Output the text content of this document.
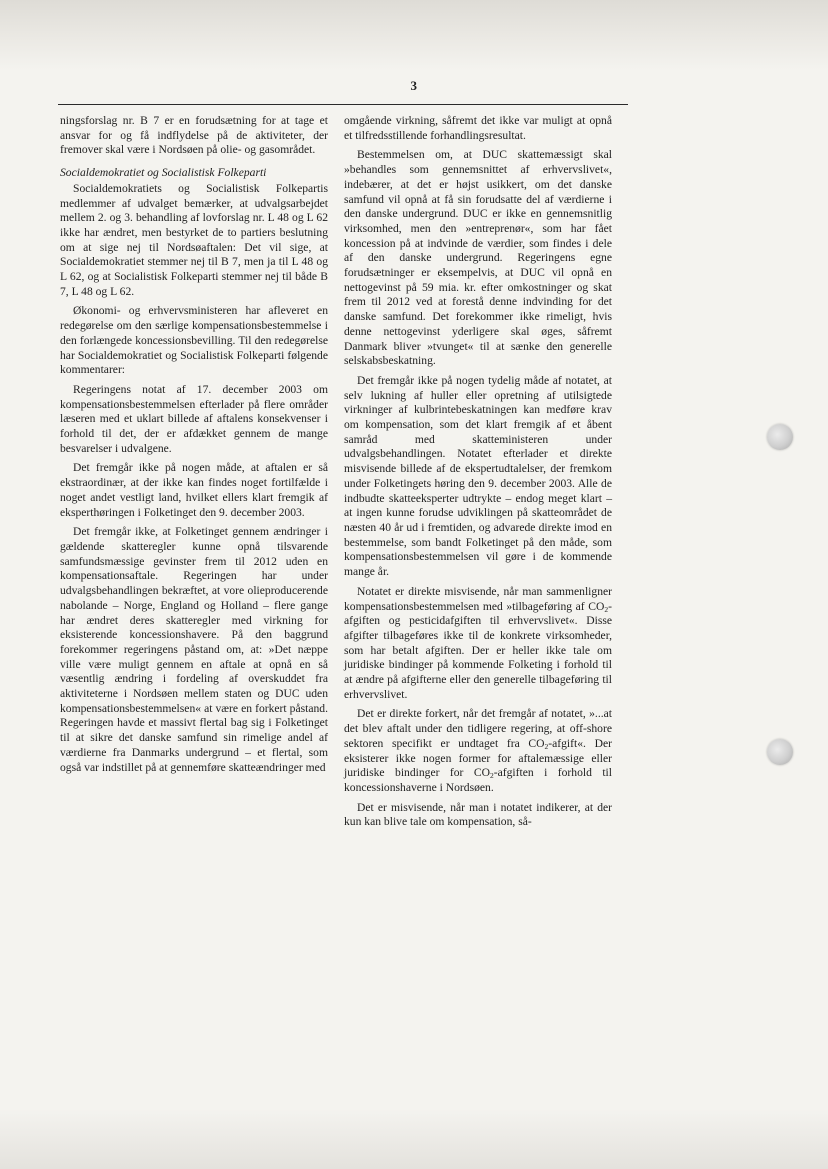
3

ningsforslag nr. B 7 er en forudsætning for at tage et ansvar for og få indflydelse på de aktiviteter, der fremover skal være i Nordsøen på olie- og gasområdet.

Socialdemokratiet og Socialistisk Folkeparti

Socialdemokratiets og Socialistisk Folkepartis medlemmer af udvalget bemærker, at udvalgsarbejdet mellem 2. og 3. behandling af lovforslag nr. L 48 og L 62 ikke har ændret, men bestyrket de to partiers beslutning om at sige nej til Nordsøaftalen: Det vil sige, at Socialdemokratiet stemmer nej til B 7, men ja til L 48 og L 62, og at Socialistisk Folkeparti stemmer nej til både B 7, L 48 og L 62.

Økonomi- og erhvervsministeren har afleveret en redegørelse om den særlige kompensationsbestemmelse i den forlængede koncessionsbevilling. Til den redegørelse har Socialdemokratiet og Socialistisk Folkeparti følgende kommentarer:

Regeringens notat af 17. december 2003 om kompensationsbestemmelsen efterlader på flere områder læseren med et uklart billede af aftalens konsekvenser i forhold til det, der er afdækket gennem de mange besvarelser i udvalgene.

Det fremgår ikke på nogen måde, at aftalen er så ekstraordinær, at der ikke kan findes noget fortilfælde i noget andet vestligt land, hvilket ellers klart fremgik af eksperthøringen i Folketinget den 9. december 2003.

Det fremgår ikke, at Folketinget gennem ændringer i gældende skatteregler kunne opnå tilsvarende samfundsmæssige gevinster frem til 2012 uden en kompensationsaftale. Regeringen har under udvalgsbehandlingen bekræftet, at vore olieproducerende nabolande – Norge, England og Holland – flere gange har ændret deres skatteregler med virkning for eksisterende koncessionshavere. På den baggrund forekommer regeringens påstand om, at: »Det næppe ville være muligt gennem en aftale at opnå en så væsentlig ændring i fordeling af overskuddet fra aktiviteterne i Nordsøen mellem staten og DUC uden kompensationsbestemmelsen« at være en forkert påstand. Regeringen havde et massivt flertal bag sig i Folketinget til at sikre det danske samfund sin rimelige andel af værdierne fra Danmarks undergrund – et flertal, som også var indstillet på at gennemføre skatteændringer med

omgående virkning, såfremt det ikke var muligt at opnå et tilfredsstillende forhandlingsresultat.

Bestemmelsen om, at DUC skattemæssigt skal »behandles som gennemsnittet af erhvervslivet«, indebærer, at det er højst usikkert, om det danske samfund vil opnå at få sin forudsatte del af værdierne i den danske undergrund. DUC er ikke en gennemsnitlig virksomhed, men den »entreprenør«, som har fået koncession på at indvinde de værdier, som findes i dele af den danske undergrund. Regeringens egne forudsætninger er eksempelvis, at DUC vil opnå en nettogevinst på 59 mia. kr. efter omkostninger og skat frem til 2012 ved at forestå denne indvinding for det danske samfund. Det forekommer ikke rimeligt, hvis denne nettogevinst yderligere skal øges, såfremt Danmark bliver »tvunget« til at sænke den generelle selskabsbeskatning.

Det fremgår ikke på nogen tydelig måde af notatet, at selv lukning af huller eller opretning af utilsigtede virkninger af kulbrintebeskatningen kan medføre krav om kompensation, som det klart fremgik af et åbent samråd med skatteministeren under udvalgsbehandlingen. Notatet efterlader et direkte misvisende billede af de ekspertudtalelser, der fremkom under Folketingets høring den 9. december 2003. Alle de indbudte skatteeksperter udtrykte – endog meget klart – at ingen kunne forudse udviklingen på skatteområdet de næsten 40 år ud i fremtiden, og advarede direkte imod en bestemmelse, som bandt Folketinget på den måde, som kompensationsbestemmelsen vil gøre i de kommende mange år.

Notatet er direkte misvisende, når man sammenligner kompensationsbestemmelsen med »tilbageføring af $CO_2$-afgiften og pesticidafgiften til erhvervslivet«. Disse afgifter tilbageføres ikke til de konkrete virksomheder, som har betalt afgiften. Der er heller ikke tale om juridiske bindinger på kommende Folketing i forhold til at ændre på afgifterne eller den generelle tilbageføring til erhvervslivet.

Det er direkte forkert, når det fremgår af notatet, »...at det blev aftalt under den tidligere regering, at off-shore sektoren specifikt er undtaget fra $CO_2-afgift«$. Der eksisterer ikke nogen former for aftalemæssige eller juridiske bindinger for $CO_2$-afgiften i forhold til koncessionshaverne i Nordsøen.

Det er misvisende, når man i notatet indikerer, at der kun kan blive tale om kompensation, så-
